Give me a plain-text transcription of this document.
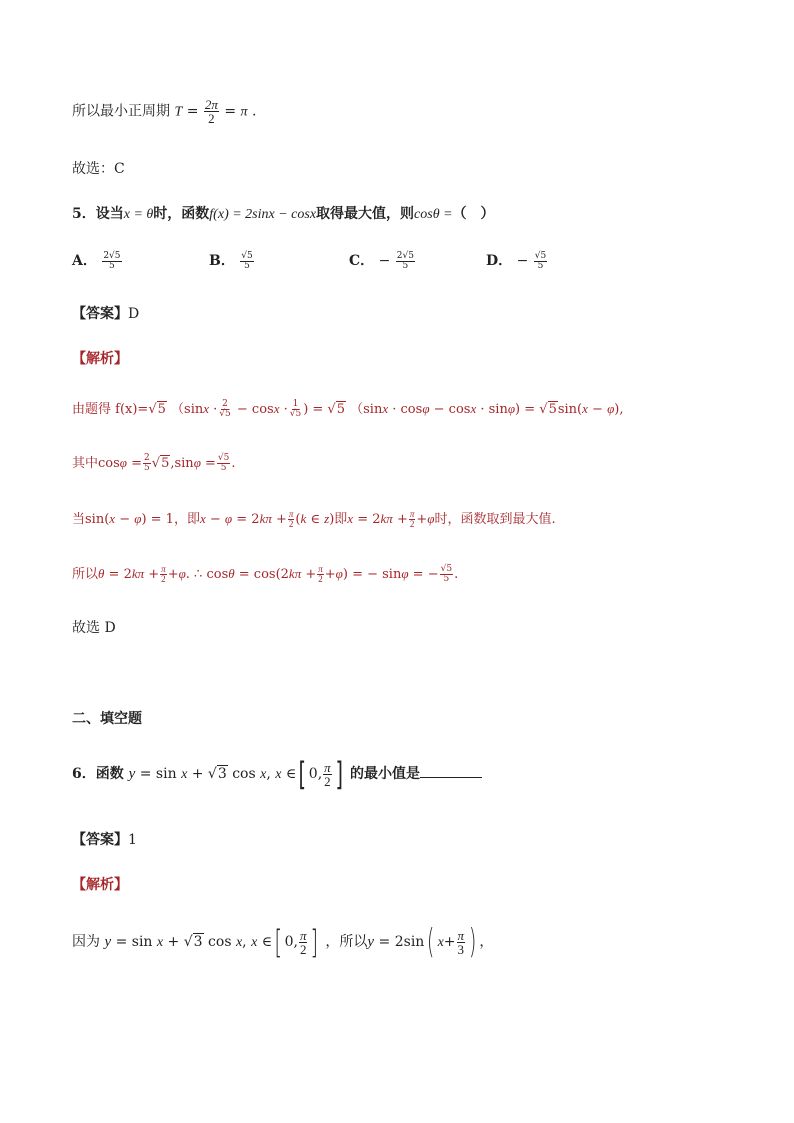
所以最小正周期 $T = \frac{2\pi}{2} = \pi$ .
故选：C
5．设当x = θ时，函数f(x) = 2sinx − cosx取得最大值，则cosθ =（　）
A． $\frac{2√5}{5}$	B． $\frac{√5}{5}$	C． − $\frac{2√5}{5}$	D． − $\frac{√5}{5}$
【答案】D
【解析】
由题得 f(x)=√5 （$\sin x \cdot \frac{2}{√5} - \cos x \cdot \frac{1}{√5}$ ) = √5 （sinx · cosφ − cosx · sinφ) = √5sin(x − φ),
其中$\cos\varphi = \frac{2}{5} √5,\sin\varphi = \frac{√5}{5}$ .
当sin(x − φ) = 1，即$x - \varphi = 2k\pi + \frac{\pi}{2} (k$ ∈ z)即$x = 2k\pi + \frac{\pi}{2} +\varphi$时，函数取到最大值.
所以$\theta = 2k\pi + \frac{\pi}{2} +\varphi$. ∴ $\cos\theta = \cos(2k\pi + \frac{\pi}{2} +\varphi)$ = − sinφ = − $\frac{√5}{5}$ .
故选 D
二、填空题
6．函数 y = sin x + √3 cos x, x ∈[ 0, $\frac{\pi}{2}$ ] 的最小值是
【答案】1
【解析】
因为 y = sin x + √3 cos x, x ∈[ 0, $\frac{\pi}{2}$ ] ，所以y = 2sin( $x+ \frac{\pi}{3}$ ) ，
